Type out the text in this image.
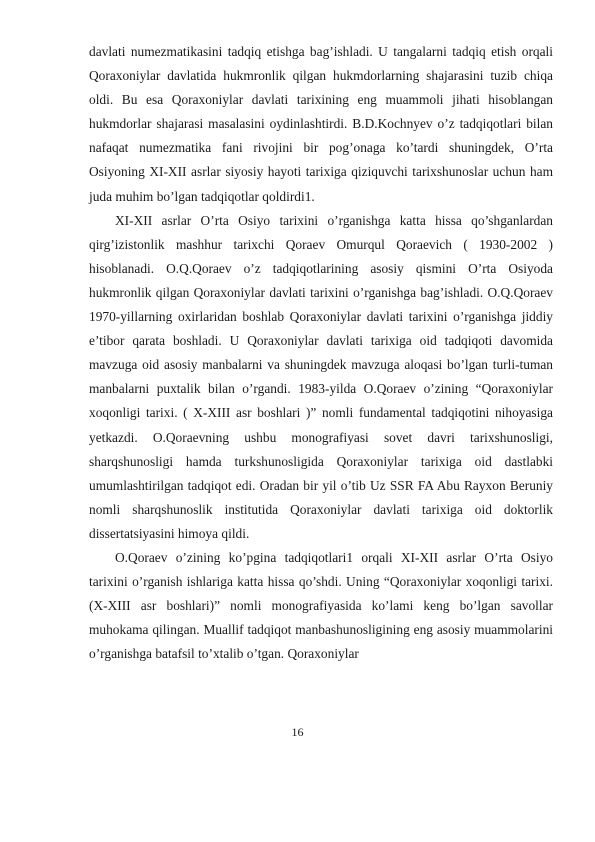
davlati numezmatikasini tadqiq etishga bag’ishladi. U tangalarni tadqiq etish orqali Qoraxoniylar davlatida hukmronlik qilgan hukmdorlarning shajarasini tuzib chiqa oldi. Bu esa Qoraxoniylar davlati tarixining eng muammoli jihati hisoblangan hukmdorlar shajarasi masalasini oydinlashtirdi. B.D.Kochnyev o’z tadqiqotlari bilan nafaqat numezmatika fani rivojini bir pog’onaga ko’tardi shuningdek, O’rta Osiyoning XI-XII asrlar siyosiy hayoti tarixiga qiziquvchi tarixshunoslar uchun ham juda muhim bo’lgan tadqiqotlar qoldirdi1.

XI-XII asrlar O’rta Osiyo tarixini o’rganishga katta hissa qo’shganlardan qirg’izistonlik mashhur tarixchi Qoraev Omurqul Qoraevich ( 1930-2002 ) hisoblanadi. O.Q.Qoraev o’z tadqiqotlarining asosiy qismini O’rta Osiyoda hukmronlik qilgan Qoraxoniylar davlati tarixini o’rganishga bag’ishladi. O.Q.Qoraev 1970-yillarning oxirlaridan boshlab Qoraxoniylar davlati tarixini o’rganishga jiddiy e’tibor qarata boshladi. U Qoraxoniylar davlati tarixiga oid tadqiqoti davomida mavzuga oid asosiy manbalarni va shuningdek mavzuga aloqasi bo’lgan turli-tuman manbalarni puxtalik bilan o’rgandi. 1983-yilda O.Qoraev o’zining “Qoraxoniylar xoqonligi tarixi. ( X-XIII asr boshlari )” nomli fundamental tadqiqotini nihoyasiga yetkazdi. O.Qoraevning ushbu monografiyasi sovet davri tarixshunosligi, sharqshunosligi hamda turkshunosligida Qoraxoniylar tarixiga oid dastlabki umumlashtirilgan tadqiqot edi. Oradan bir yil o’tib Uz SSR FA Abu Rayxon Beruniy nomli sharqshunoslik institutida Qoraxoniylar davlati tarixiga oid doktorlik dissertatsiyasini himoya qildi.

O.Qoraev o’zining ko’pgina tadqiqotlari1 orqali XI-XII asrlar O’rta Osiyo tarixini o’rganish ishlariga katta hissa qo’shdi. Uning “Qoraxoniylar xoqonligi tarixi. (X-XIII asr boshlari)” nomli monografiyasida ko’lami keng bo’lgan savollar muhokama qilingan. Muallif tadqiqot manbashunosligining eng asosiy muammolarini o’rganishga batafsil to’xtalib o’tgan. Qoraxoniylar

16
